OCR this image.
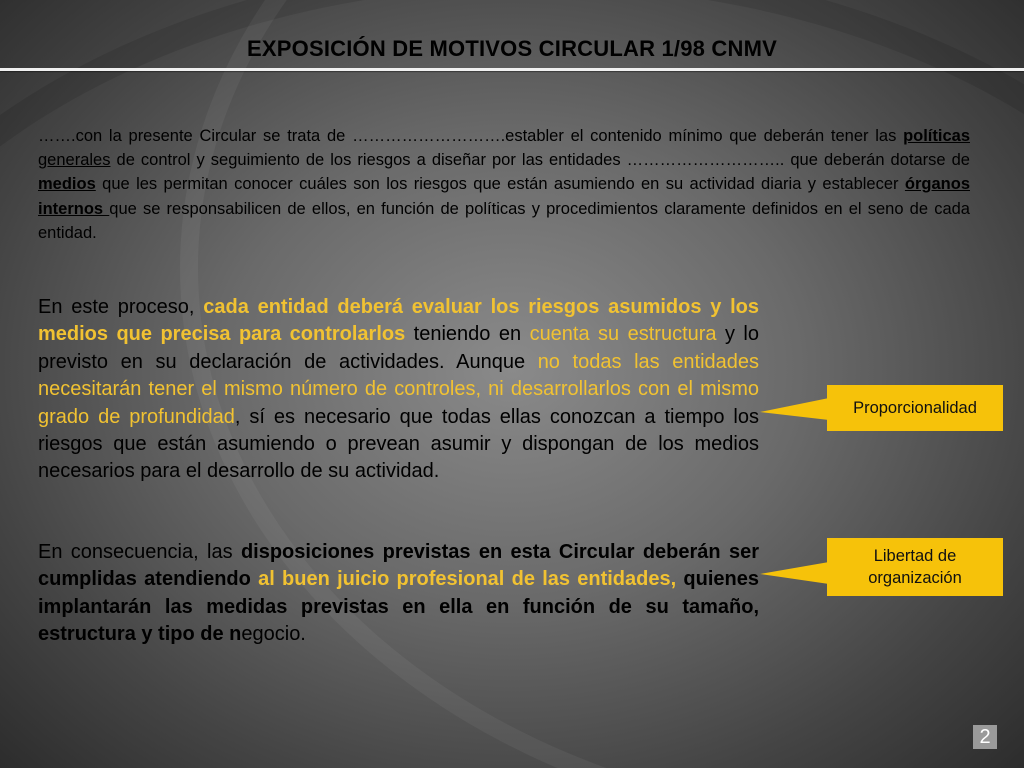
EXPOSICIÓN DE MOTIVOS CIRCULAR 1/98 CNMV
…….con la presente Circular se trata de ……………………….establer el contenido mínimo que deberán tener las políticas generales de control y seguimiento de los riesgos a diseñar por las entidades ……………………….. que deberán dotarse de medios que les permitan conocer cuáles son los riesgos que están asumiendo en su actividad diaria y establecer órganos internos que se responsabilicen de ellos, en función de políticas y procedimientos claramente definidos en el seno de cada entidad.
En este proceso, cada entidad deberá evaluar los riesgos asumidos y los medios que precisa para controlarlos teniendo en cuenta su estructura y lo previsto en su declaración de actividades. Aunque no todas las entidades necesitarán tener el mismo número de controles, ni desarrollarlos con el mismo grado de profundidad, sí es necesario que todas ellas conozcan a tiempo los riesgos que están asumiendo o prevean asumir y dispongan de los medios necesarios para el desarrollo de su actividad.
En consecuencia, las disposiciones previstas en esta Circular deberán ser cumplidas atendiendo al buen juicio profesional de las entidades, quienes implantarán las medidas previstas en ella en función de su tamaño, estructura y tipo de negocio.
Proporcionalidad
Libertad de organización
2
